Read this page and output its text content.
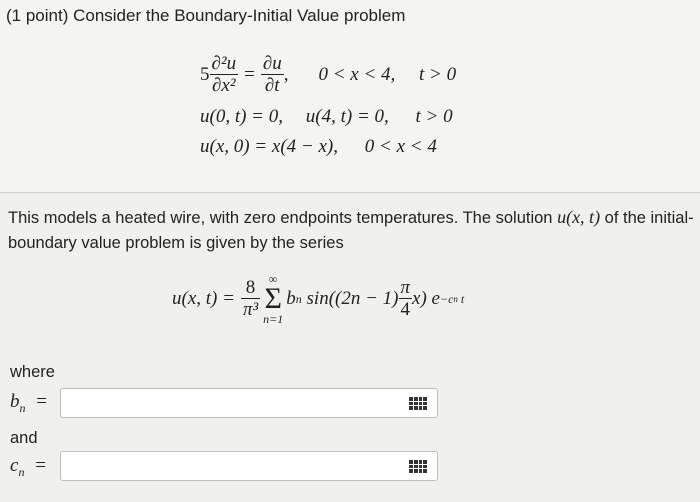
(1 point) Consider the Boundary-Initial Value problem
$5 \frac{\text{∂²u}}{\text{∂x²}} = \frac{\partial u}{\partial t}$ , 0 < x < 4,     t > 0
u(0, t) = 0, u(4, t) = 0, t > 0
u(x, 0) = x(4 − x), 0 < x < 4
This models a heated wire, with zero endpoints temperatures. The solution u(x, t) of the initial-boundary value problem is given by the series
u(x, $t) = \frac{8}{\text{π³}}$ ∞
Σ
n=1
b n $\sin((2n - 1) \frac{\pi}{4} x)$ e −c n t
where
$b_n$ =
and
$c_n$ =
